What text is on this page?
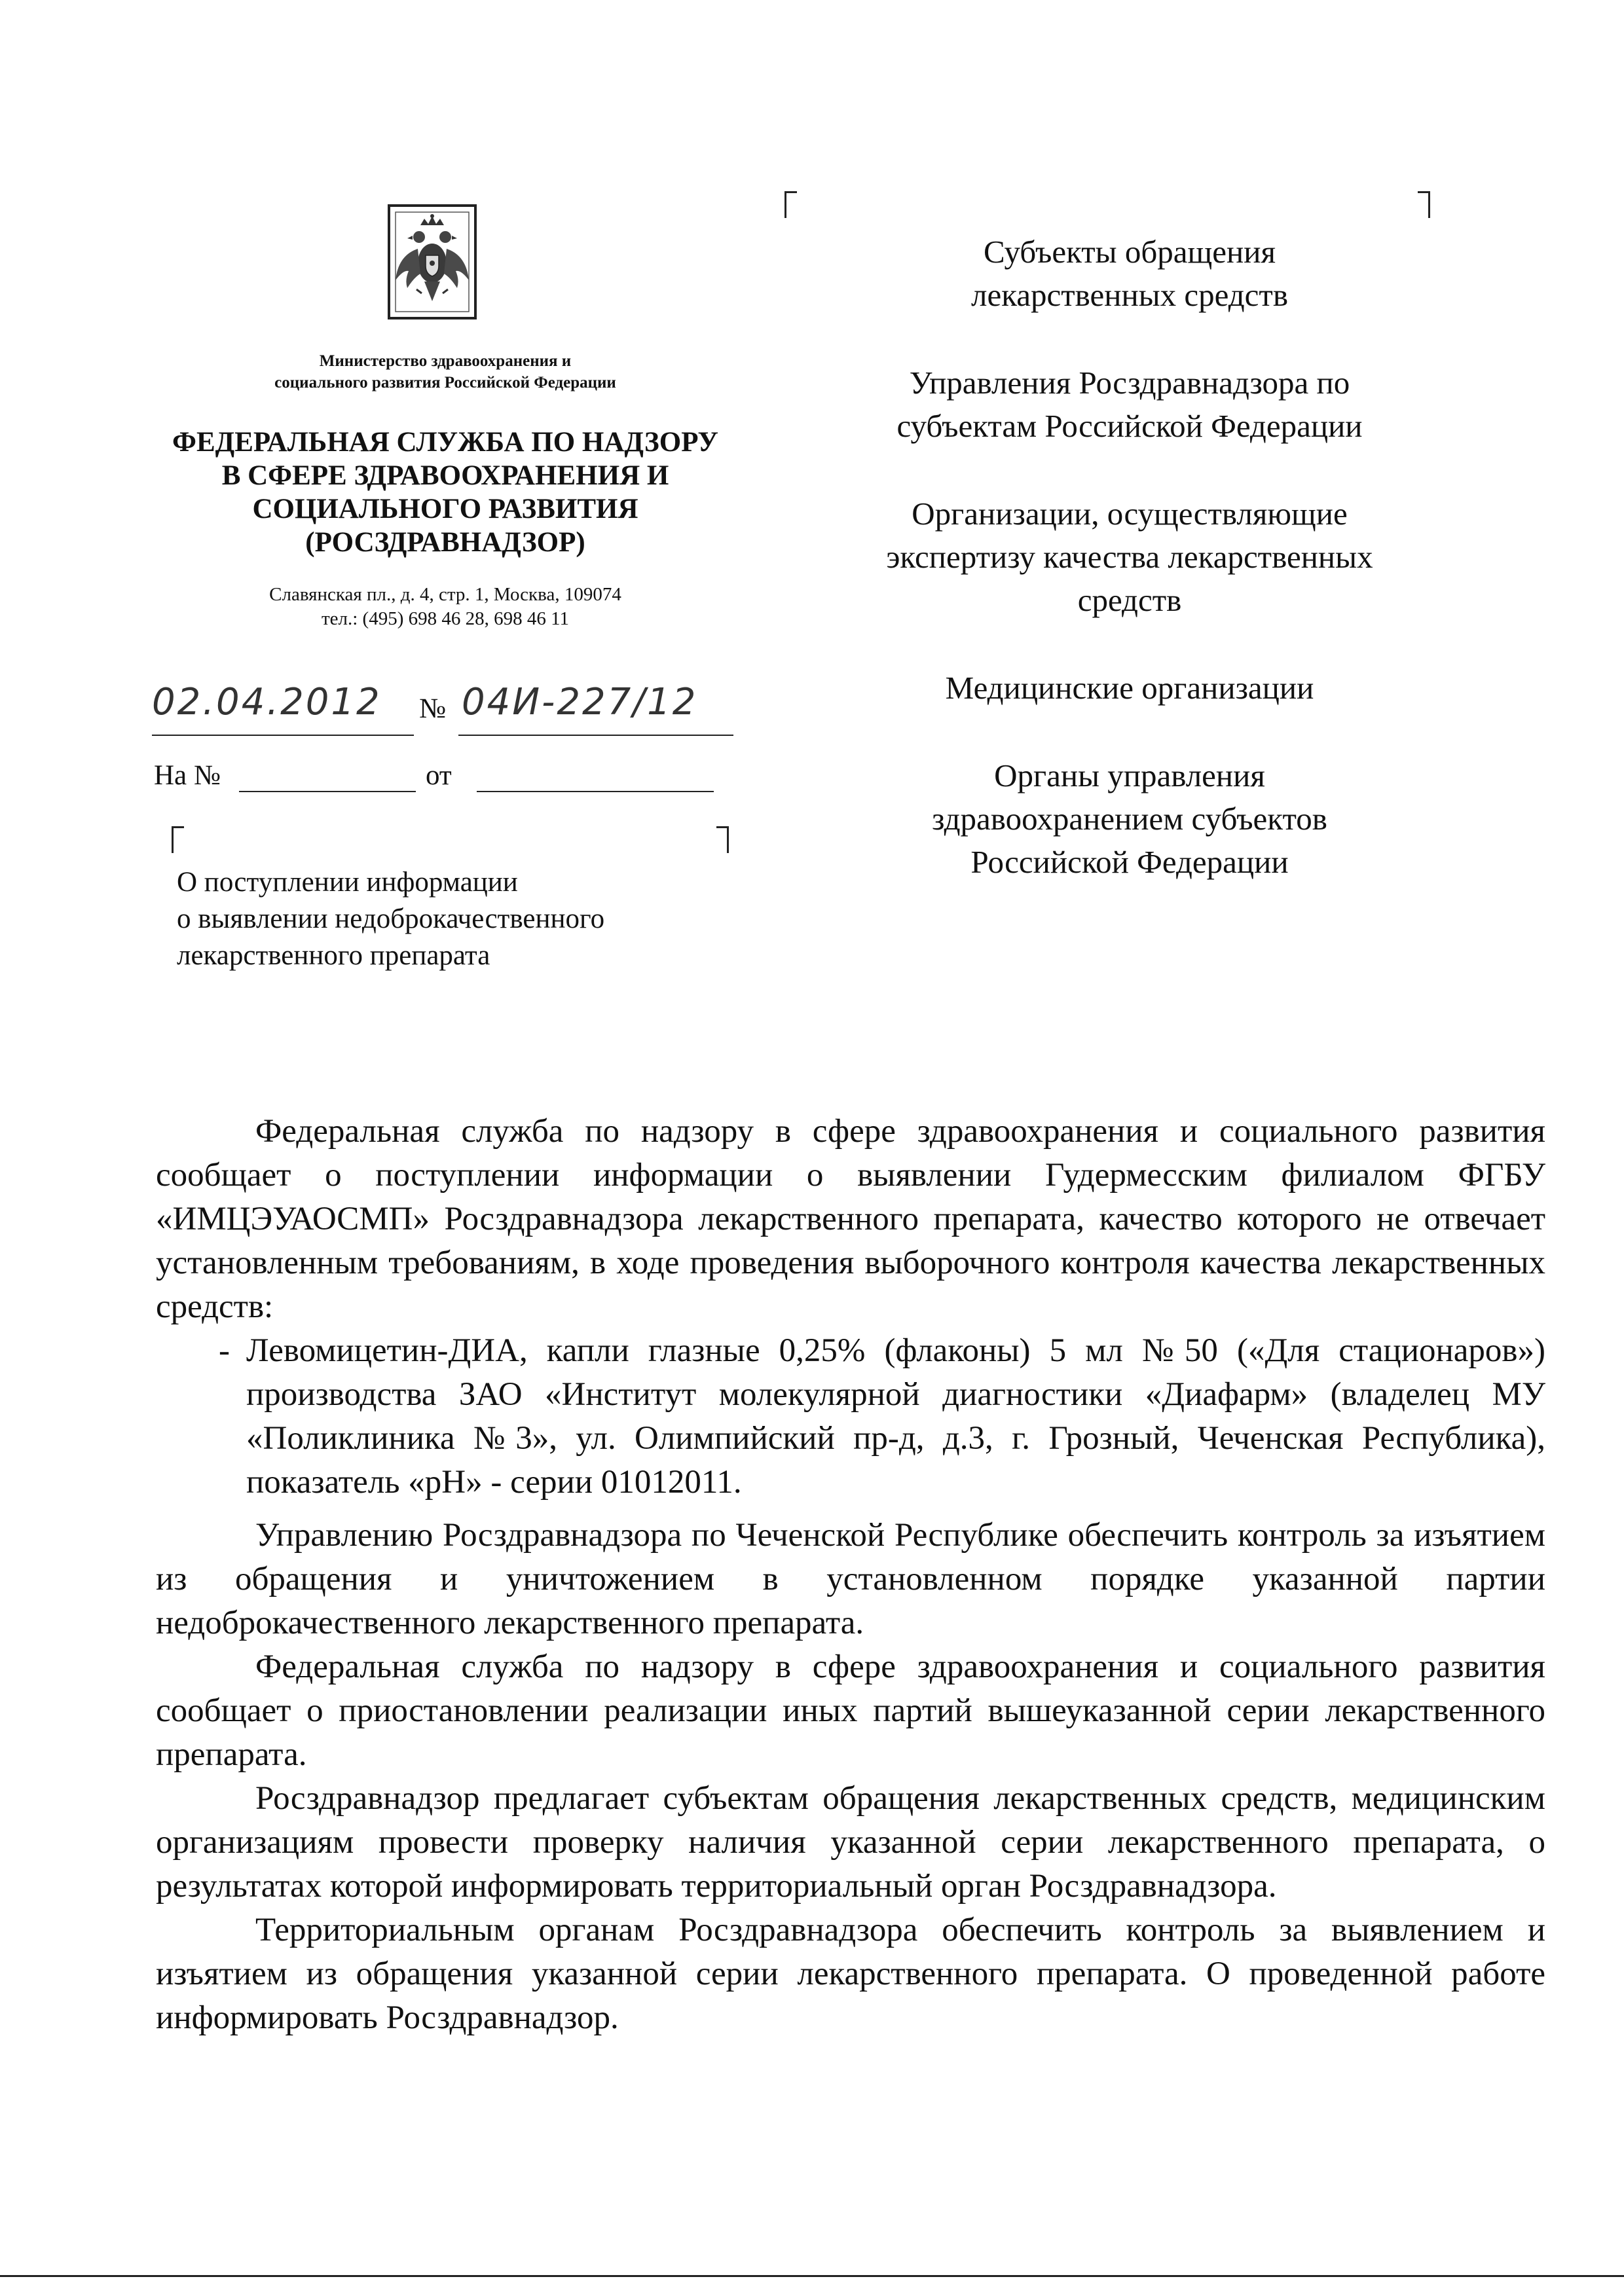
Министерство здравоохранения и
социального развития Российской Федерации
ФЕДЕРАЛЬНАЯ СЛУЖБА ПО НАДЗОРУ
В СФЕРЕ ЗДРАВООХРАНЕНИЯ И
СОЦИАЛЬНОГО РАЗВИТИЯ
(РОСЗДРАВНАДЗОР)
Славянская пл., д. 4, стр. 1, Москва, 109074
тел.: (495) 698 46 28, 698 46 11
02.04.2012 № 04И-227/12
На №	от
Субъекты обращения
лекарственных средств
Управления Росздравнадзора по
субъектам Российской Федерации
Организации, осуществляющие
экспертизу качества лекарственных
средств
Медицинские организации
Органы управления
здравоохранением субъектов
Российской Федерации
О поступлении информации
о выявлении недоброкачественного
лекарственного препарата

Федеральная служба по надзору в сфере здравоохранения и социального развития сообщает о поступлении информации о выявлении Гудермесским филиалом ФГБУ «ИМЦЭУАОСМП» Росздравнадзора лекарственного препарата, качество которого не отвечает установленным требованиям, в ходе проведения выборочного контроля качества лекарственных средств:

- Левомицетин-ДИА, капли глазные 0,25% (флаконы) 5 мл №50 («Для стационаров») производства ЗАО «Институт молекулярной диагностики «Диафарм» (владелец МУ «Поликлиника №3», ул. Олимпийский пр-д, д.3, г. Грозный, Чеченская Республика), показатель «pH» - серии 01012011.

Управлению Росздравнадзора по Чеченской Республике обеспечить контроль за изъятием из обращения и уничтожением в установленном порядке указанной партии недоброкачественного лекарственного препарата.

Федеральная служба по надзору в сфере здравоохранения и социального развития сообщает о приостановлении реализации иных партий вышеуказанной серии лекарственного препарата.

Росздравнадзор предлагает субъектам обращения лекарственных средств, медицинским организациям провести проверку наличия указанной серии лекарственного препарата, о результатах которой информировать территориальный орган Росздравнадзора.

Территориальным органам Росздравнадзора обеспечить контроль за выявлением и изъятием из обращения указанной серии лекарственного препарата. О проведенной работе информировать Росздравнадзор.
